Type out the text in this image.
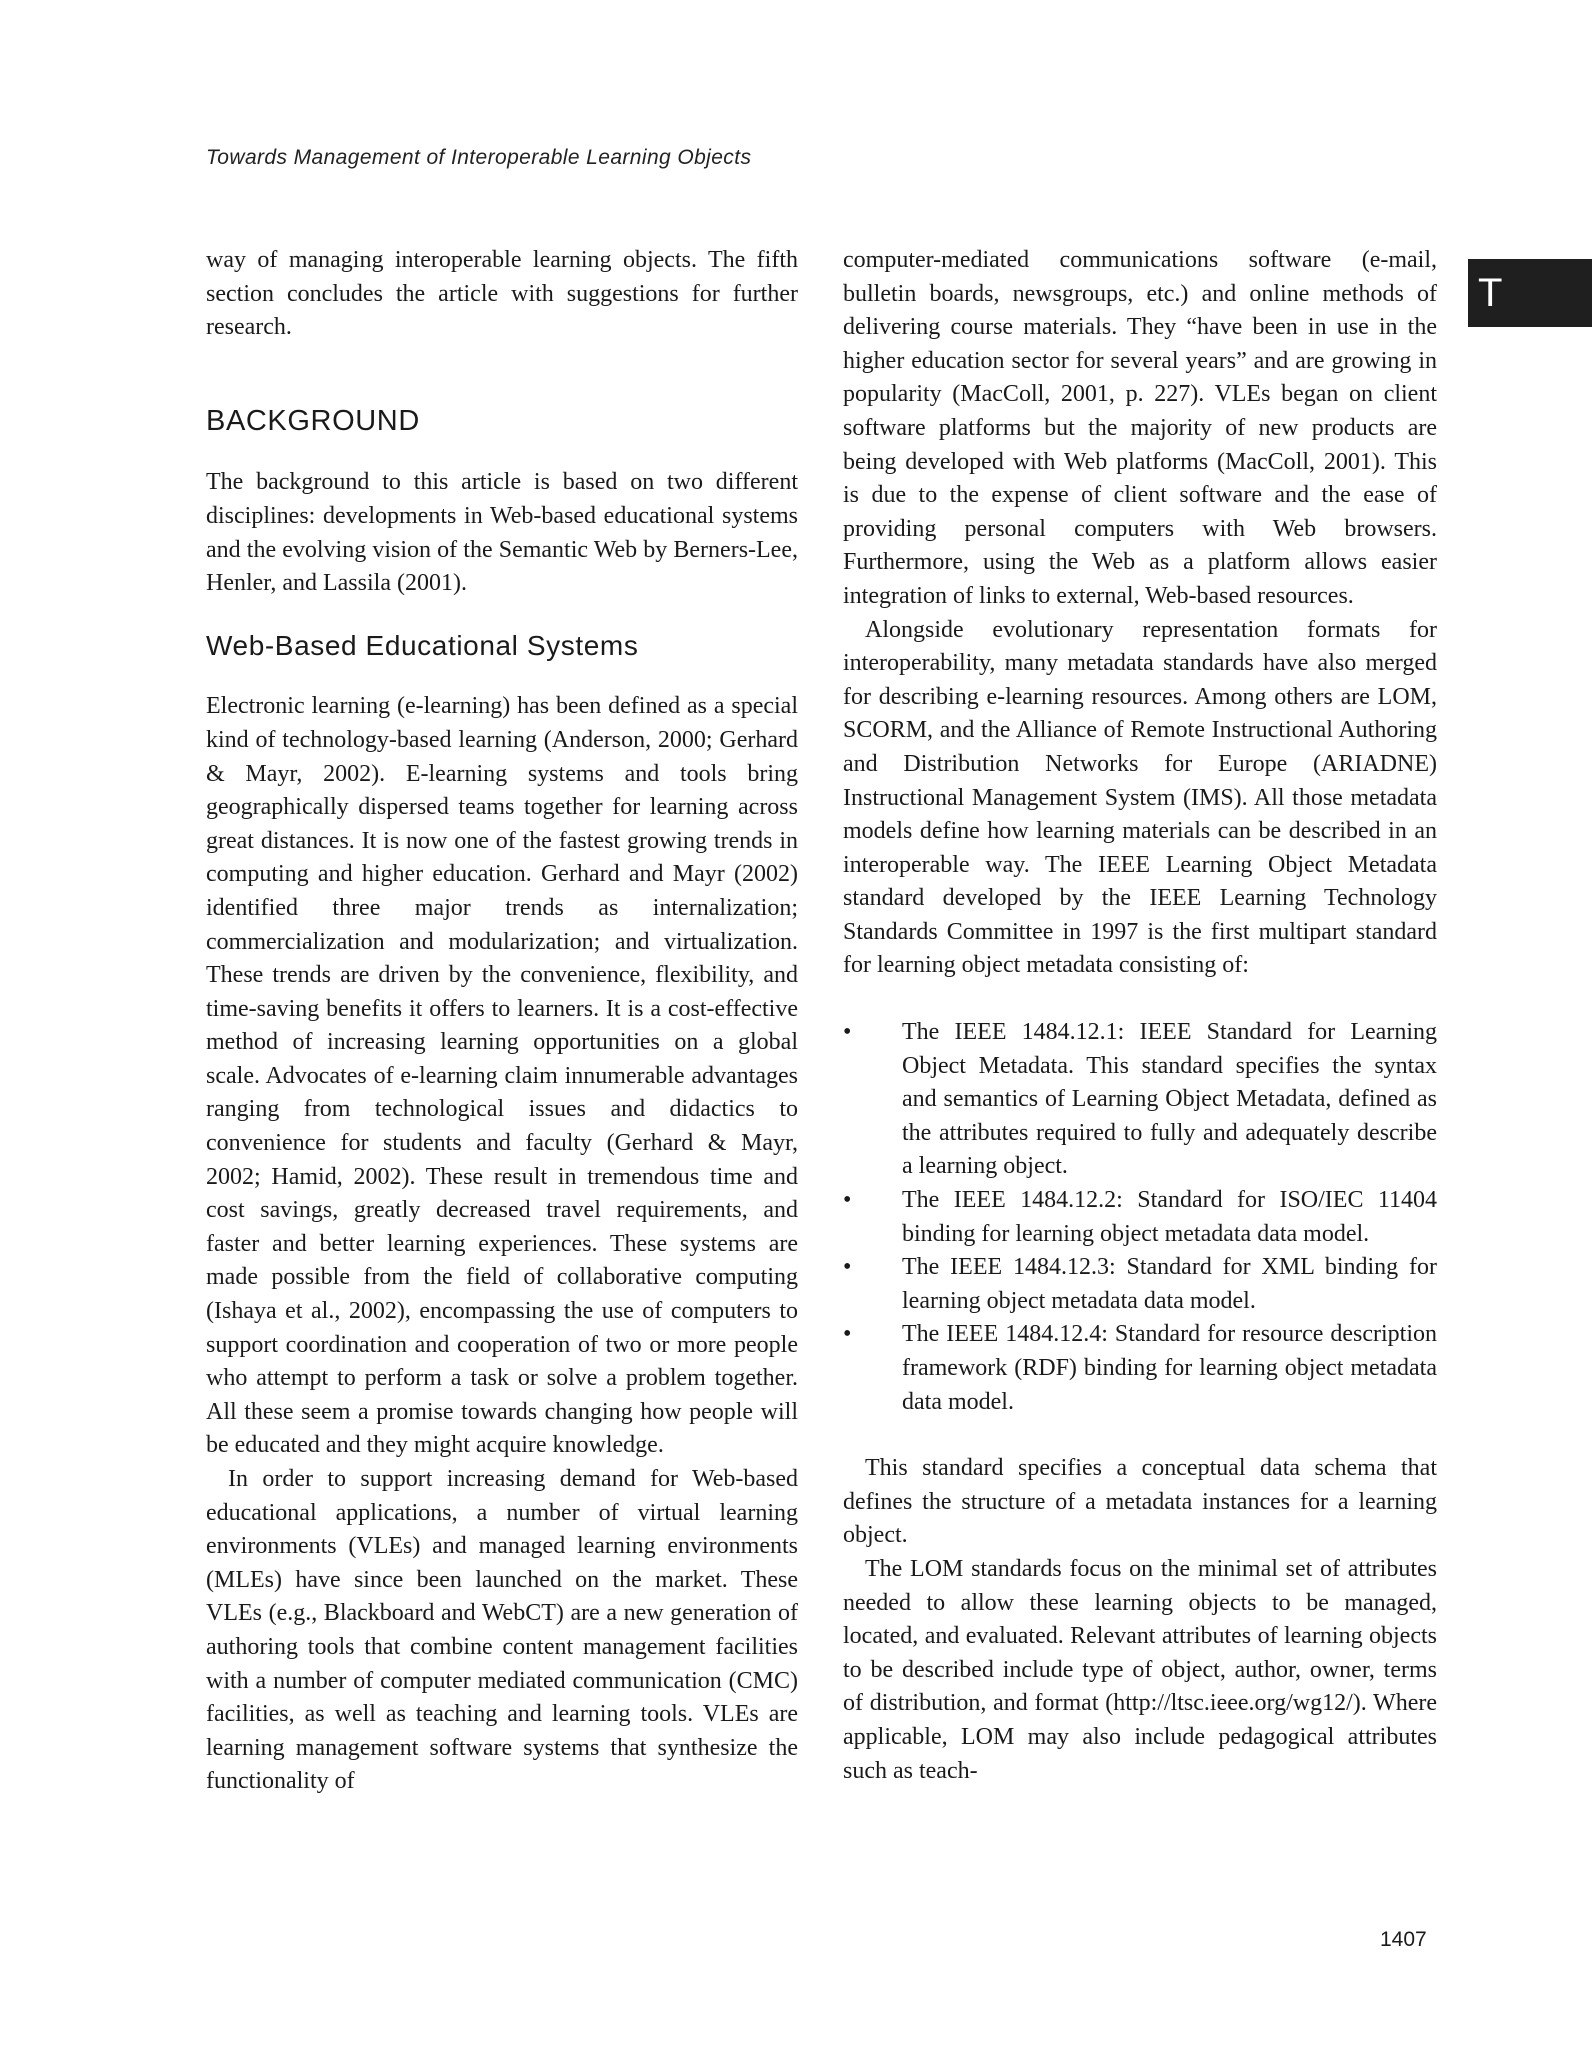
Towards Management of Interoperable Learning Objects
T

way of managing interoperable learning objects. The fifth section concludes the article with suggestions for further research.

BACKGROUND

The background to this article is based on two different disciplines: developments in Web-based educational systems and the evolving vision of the Semantic Web by Berners-Lee, Henler, and Lassila (2001).

Web-Based Educational Systems

Electronic learning (e-learning) has been defined as a special kind of technology-based learning (Anderson, 2000; Gerhard & Mayr, 2002). E-learning systems and tools bring geographically dispersed teams together for learning across great distances. It is now one of the fastest growing trends in computing and higher education. Gerhard and Mayr (2002) identified three major trends as internalization; commercialization and modularization; and virtualization. These trends are driven by the convenience, flexibility, and time-saving benefits it offers to learners. It is a cost-effective method of increasing learning opportunities on a global scale. Advocates of e-learning claim innumerable advantages ranging from technological issues and didactics to convenience for students and faculty (Gerhard & Mayr, 2002; Hamid, 2002). These result in tremendous time and cost savings, greatly decreased travel requirements, and faster and better learning experiences. These systems are made possible from the field of collaborative computing (Ishaya et al., 2002), encompassing the use of computers to support coordination and cooperation of two or more people who attempt to perform a task or solve a problem together. All these seem a promise towards changing how people will be educated and they might acquire knowledge.

In order to support increasing demand for Web-based educational applications, a number of virtual learning environments (VLEs) and managed learning environments (MLEs) have since been launched on the market. These VLEs (e.g., Blackboard and WebCT) are a new generation of authoring tools that combine content management facilities with a number of computer mediated communication (CMC) facilities, as well as teaching and learning tools. VLEs are learning management software systems that synthesize the functionality of

computer-mediated communications software (e-mail, bulletin boards, newsgroups, etc.) and online methods of delivering course materials. They “have been in use in the higher education sector for several years” and are growing in popularity (MacColl, 2001, p. 227). VLEs began on client software platforms but the majority of new products are being developed with Web platforms (MacColl, 2001). This is due to the expense of client software and the ease of providing personal computers with Web browsers. Furthermore, using the Web as a platform allows easier integration of links to external, Web-based resources.

Alongside evolutionary representation formats for interoperability, many metadata standards have also merged for describing e-learning resources. Among others are LOM, SCORM, and the Alliance of Remote Instructional Authoring and Distribution Networks for Europe (ARIADNE) Instructional Management System (IMS). All those metadata models define how learning materials can be described in an interoperable way. The IEEE Learning Object Metadata standard developed by the IEEE Learning Technology Standards Committee in 1997 is the first multipart standard for learning object metadata consisting of:

• The IEEE 1484.12.1: IEEE Standard for Learning Object Metadata. This standard specifies the syntax and semantics of Learning Object Metadata, defined as the attributes required to fully and adequately describe a learning object.
• The IEEE 1484.12.2: Standard for ISO/IEC 11404 binding for learning object metadata data model.
• The IEEE 1484.12.3: Standard for XML binding for learning object metadata data model.
• The IEEE 1484.12.4: Standard for resource description framework (RDF) binding for learning object metadata data model.

This standard specifies a conceptual data schema that defines the structure of a metadata instances for a learning object.

The LOM standards focus on the minimal set of attributes needed to allow these learning objects to be managed, located, and evaluated. Relevant attributes of learning objects to be described include type of object, author, owner, terms of distribution, and format (http://ltsc.ieee.org/wg12/). Where applicable, LOM may also include pedagogical attributes such as teach-

1407
